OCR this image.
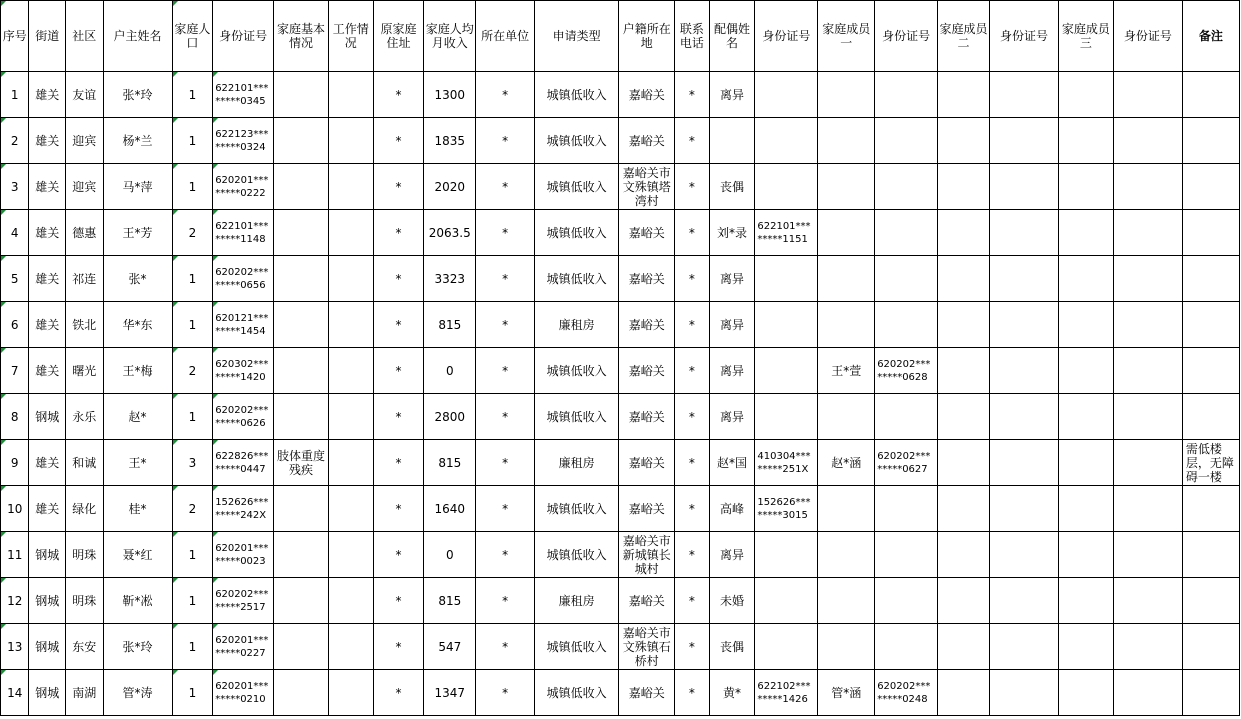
序号	街道	社区	户主姓名	家庭人口	身份证号	家庭基本情况	工作情况	原家庭住址	家庭人均月收入	所在单位	申请类型	户籍所在地	联系电话	配偶姓名	身份证号	家庭成员一	身份证号	家庭成员二	身份证号	家庭成员三	身份证号	备注

1	雄关	友谊	张*玲	1	622101*** *****0345			*	1300	*	城镇低收入	嘉峪关	*	离异								

2	雄关	迎宾	杨*兰	1	622123*** *****0324			*	1835	*	城镇低收入	嘉峪关	*									

3	雄关	迎宾	马*萍	1	620201*** *****0222			*	2020	*	城镇低收入	嘉峪关市文殊镇塔湾村	*	丧偶								

4	雄关	德惠	王*芳	2	622101*** *****1148			*	2063.5	*	城镇低收入	嘉峪关	*	刘*录	622101*** *****1151							

5	雄关	祁连	张*	1	620202*** *****0656			*	3323	*	城镇低收入	嘉峪关	*	离异								

6	雄关	铁北	华*东	1	620121*** *****1454			*	815	*	廉租房	嘉峪关	*	离异								

7	雄关	曙光	王*梅	2	620302*** *****1420			*	0	*	城镇低收入	嘉峪关	*	离异		王*萱	620202*** *****0628					

8	钢城	永乐	赵*	1	620202*** *****0626			*	2800	*	城镇低收入	嘉峪关	*	离异								

9	雄关	和诚	王*	3	622826*** *****0447	肢体重度残疾		*	815	*	廉租房	嘉峪关	*	赵*国	410304*** *****251X	赵*涵	620202*** *****0627					需低楼层，无障碍一楼

10	雄关	绿化	桂*	2	152626*** *****242X			*	1640	*	城镇低收入	嘉峪关	*	高峰	152626*** *****3015							

11	钢城	明珠	聂*红	1	620201*** *****0023			*	0	*	城镇低收入	嘉峪关市新城镇长城村	*	离异								

12	钢城	明珠	靳*凇	1	620202*** *****2517			*	815	*	廉租房	嘉峪关	*	未婚								

13	钢城	东安	张*玲	1	620201*** *****0227			*	547	*	城镇低收入	嘉峪关市文殊镇石桥村	*	丧偶								

14	钢城	南湖	管*涛	1	620201*** *****0210			*	1347	*	城镇低收入	嘉峪关	*	黄*	622102*** *****1426	管*涵	620202*** *****0248					
